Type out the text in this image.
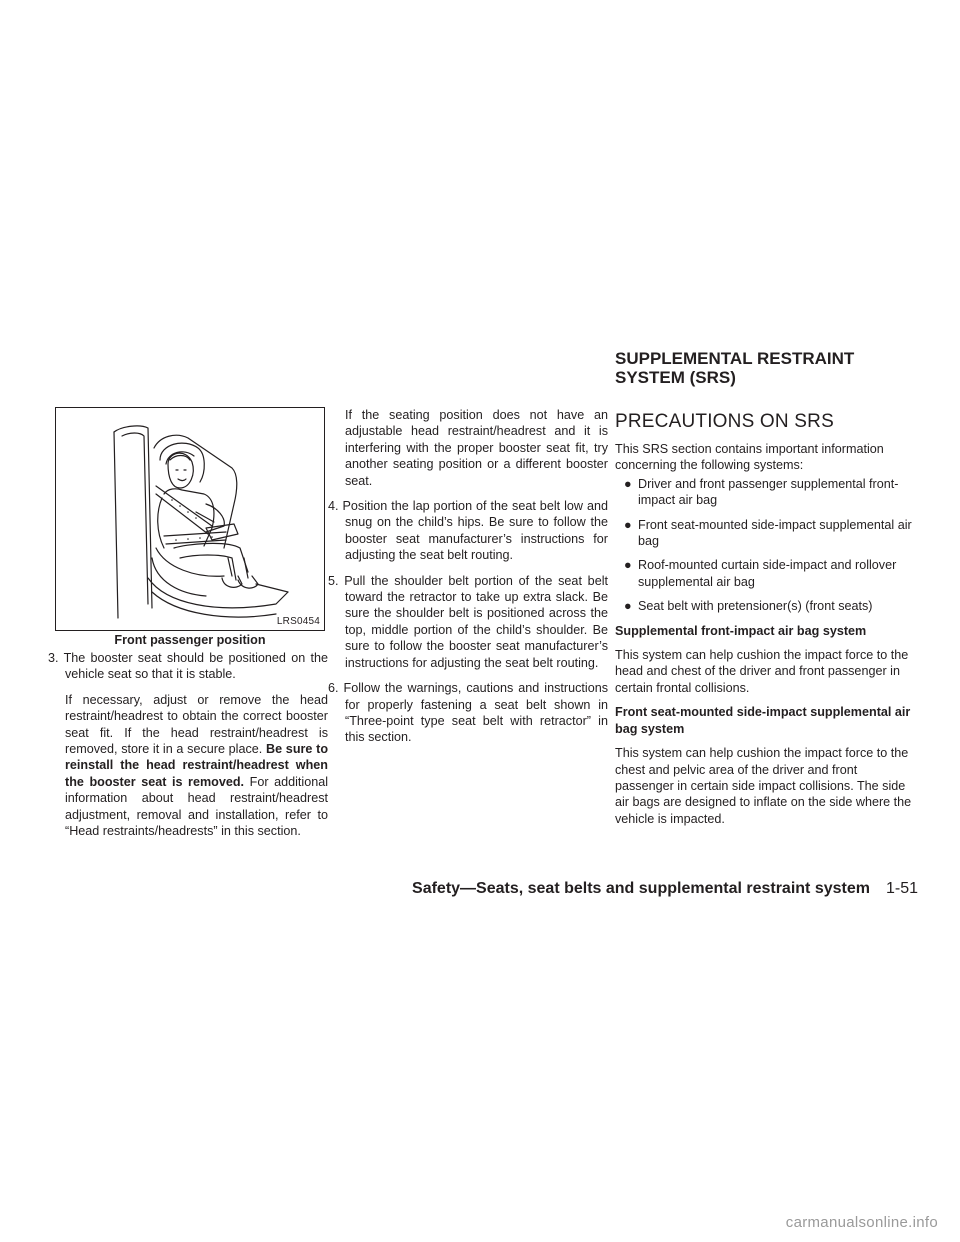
LRS0454
Front passenger position

3. The booster seat should be positioned on the vehicle seat so that it is stable.

If necessary, adjust or remove the head restraint/headrest to obtain the correct booster seat fit. If the head restraint/headrest is removed, store it in a secure place. Be sure to reinstall the head restraint/headrest when the booster seat is removed. For additional information about head restraint/headrest adjustment, removal and installation, refer to “Head restraints/headrests” in this section.

If the seating position does not have an adjustable head restraint/headrest and it is interfering with the proper booster seat fit, try another seating position or a different booster seat.

4. Position the lap portion of the seat belt low and snug on the child’s hips. Be sure to follow the booster seat manufacturer’s instructions for adjusting the seat belt routing.

5. Pull the shoulder belt portion of the seat belt toward the retractor to take up extra slack. Be sure the shoulder belt is positioned across the top, middle portion of the child’s shoulder. Be sure to follow the booster seat manufacturer’s instructions for adjusting the seat belt routing.

6. Follow the warnings, cautions and instructions for properly fastening a seat belt shown in “Three-point type seat belt with retractor” in this section.

SUPPLEMENTAL RESTRAINT
SYSTEM (SRS)

PRECAUTIONS ON SRS

This SRS section contains important information concerning the following systems:

● Driver and front passenger supplemental front-impact air bag
● Front seat-mounted side-impact supplemental air bag
● Roof-mounted curtain side-impact and rollover supplemental air bag
● Seat belt with pretensioner(s) (front seats)

Supplemental front-impact air bag system

This system can help cushion the impact force to the head and chest of the driver and front passenger in certain frontal collisions.

Front seat-mounted side-impact supplemental air bag system

This system can help cushion the impact force to the chest and pelvic area of the driver and front passenger in certain side impact collisions. The side air bags are designed to inflate on the side where the vehicle is impacted.

Safety—Seats, seat belts and supplemental restraint system 1-51
carmanualsonline.info
